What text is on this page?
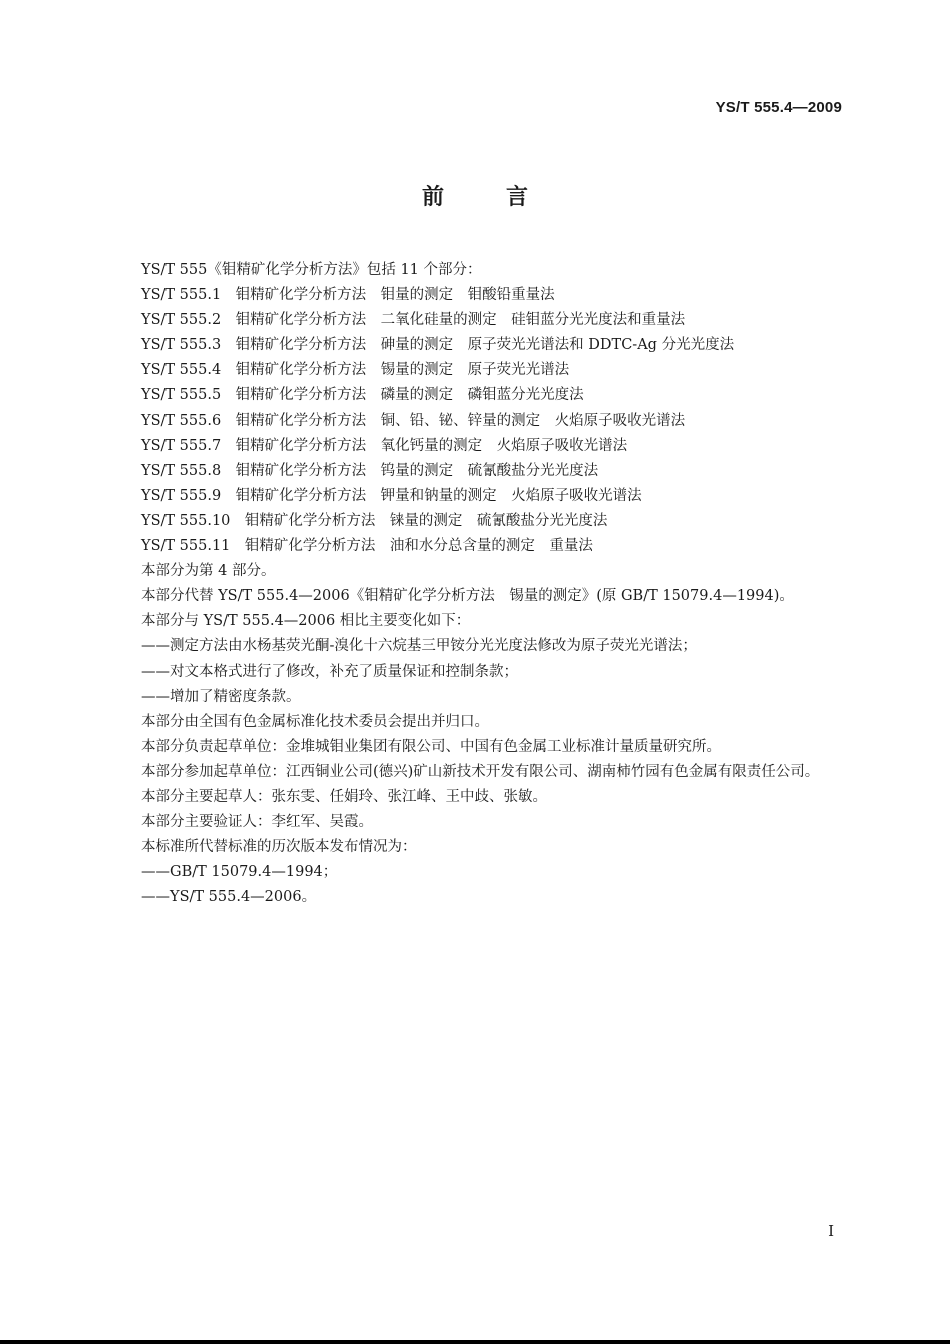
YS/T 555.4—2009
前言
YS/T 555《钼精矿化学分析方法》包括 11 个部分：
YS/T 555.1　钼精矿化学分析方法　钼量的测定　钼酸铅重量法
YS/T 555.2　钼精矿化学分析方法　二氧化硅量的测定　硅钼蓝分光光度法和重量法
YS/T 555.3　钼精矿化学分析方法　砷量的测定　原子荧光光谱法和 DDTC-Ag 分光光度法
YS/T 555.4　钼精矿化学分析方法　锡量的测定　原子荧光光谱法
YS/T 555.5　钼精矿化学分析方法　磷量的测定　磷钼蓝分光光度法
YS/T 555.6　钼精矿化学分析方法　铜、铅、铋、锌量的测定　火焰原子吸收光谱法
YS/T 555.7　钼精矿化学分析方法　氧化钙量的测定　火焰原子吸收光谱法
YS/T 555.8　钼精矿化学分析方法　钨量的测定　硫氰酸盐分光光度法
YS/T 555.9　钼精矿化学分析方法　钾量和钠量的测定　火焰原子吸收光谱法
YS/T 555.10　钼精矿化学分析方法　铼量的测定　硫氰酸盐分光光度法
YS/T 555.11　钼精矿化学分析方法　油和水分总含量的测定　重量法
本部分为第 4 部分。
本部分代替 YS/T 555.4—2006《钼精矿化学分析方法　锡量的测定》(原 GB/T 15079.4—1994)。
本部分与 YS/T 555.4—2006 相比主要变化如下：
——测定方法由水杨基荧光酮-溴化十六烷基三甲铵分光光度法修改为原子荧光光谱法；
——对文本格式进行了修改，补充了质量保证和控制条款；
——增加了精密度条款。
本部分由全国有色金属标准化技术委员会提出并归口。
本部分负责起草单位：金堆城钼业集团有限公司、中国有色金属工业标准计量质量研究所。
本部分参加起草单位：江西铜业公司(德兴)矿山新技术开发有限公司、湖南柿竹园有色金属有限责任公司。
本部分主要起草人：张东雯、任娟玲、张江峰、王中歧、张敏。
本部分主要验证人：李红军、吴霞。
本标准所代替标准的历次版本发布情况为：
——GB/T 15079.4—1994；
——YS/T 555.4—2006。
I
